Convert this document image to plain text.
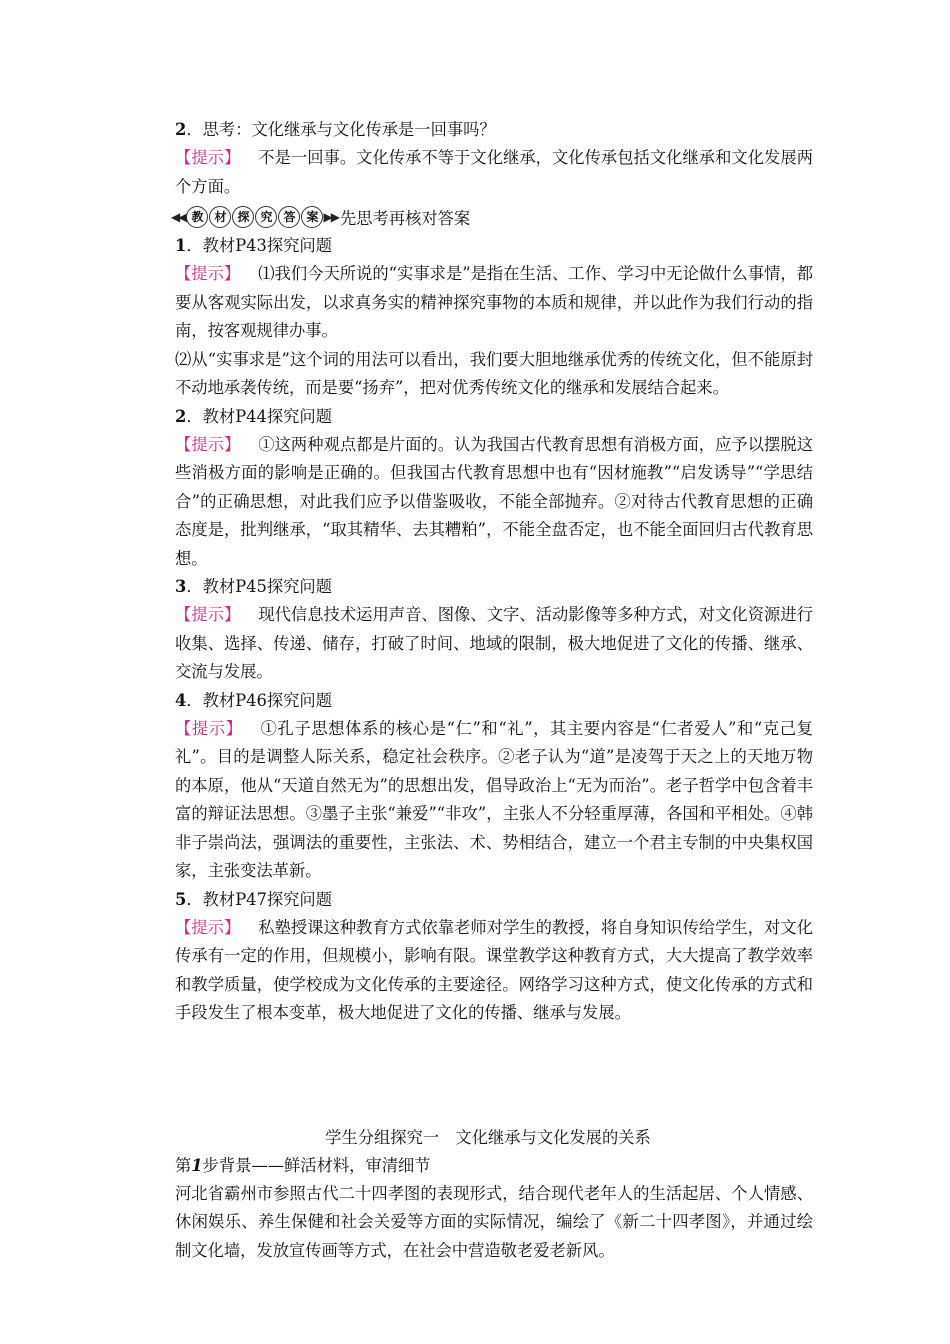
2．思考：文化继承与文化传承是一回事吗？

【提示】 不是一回事。文化传承不等于文化继承，文化传承包括文化继承和文化发展两个方面。

◀◀ 教 材 探 究 答 案 ▶▶ 先思考再核对答案

1．教材P43探究问题

【提示】 ⑴我们今天所说的“实事求是”是指在生活、工作、学习中无论做什么事情，都要从客观实际出发，以求真务实的精神探究事物的本质和规律，并以此作为我们行动的指南，按客观规律办事。

⑵从“实事求是”这个词的用法可以看出，我们要大胆地继承优秀的传统文化，但不能原封不动地承袭传统，而是要“扬弃”，把对优秀传统文化的继承和发展结合起来。

2．教材P44探究问题

【提示】 ①这两种观点都是片面的。认为我国古代教育思想有消极方面，应予以摆脱这些消极方面的影响是正确的。但我国古代教育思想中也有“因材施教”“启发诱导”“学思结合”的正确思想，对此我们应予以借鉴吸收，不能全部抛弃。②对待古代教育思想的正确态度是，批判继承，“取其精华、去其糟粕”，不能全盘否定，也不能全面回归古代教育思想。

3．教材P45探究问题

【提示】 现代信息技术运用声音、图像、文字、活动影像等多种方式，对文化资源进行收集、选择、传递、储存，打破了时间、地域的限制，极大地促进了文化的传播、继承、交流与发展。

4．教材P46探究问题

【提示】 ①孔子思想体系的核心是“仁”和“礼”，其主要内容是“仁者爱人”和“克己复礼”。目的是调整人际关系，稳定社会秩序。②老子认为“道”是凌驾于天之上的天地万物的本原，他从“天道自然无为”的思想出发，倡导政治上“无为而治”。老子哲学中包含着丰富的辩证法思想。③墨子主张“兼爱”“非攻”，主张人不分轻重厚薄，各国和平相处。④韩非子崇尚法，强调法的重要性，主张法、术、势相结合，建立一个君主专制的中央集权国家，主张变法革新。

5．教材P47探究问题

【提示】 私塾授课这种教育方式依靠老师对学生的教授，将自身知识传给学生，对文化传承有一定的作用，但规模小，影响有限。课堂教学这种教育方式，大大提高了教学效率和教学质量，使学校成为文化传承的主要途径。网络学习这种方式，使文化传承的方式和手段发生了根本变革，极大地促进了文化的传播、继承与发展。

学生分组探究一　文化继承与文化发展的关系

第1步背景——鲜活材料，审清细节

河北省霸州市参照古代二十四孝图的表现形式，结合现代老年人的生活起居、个人情感、休闲娱乐、养生保健和社会关爱等方面的实际情况，编绘了《新二十四孝图》，并通过绘制文化墙，发放宣传画等方式，在社会中营造敬老爱老新风。
